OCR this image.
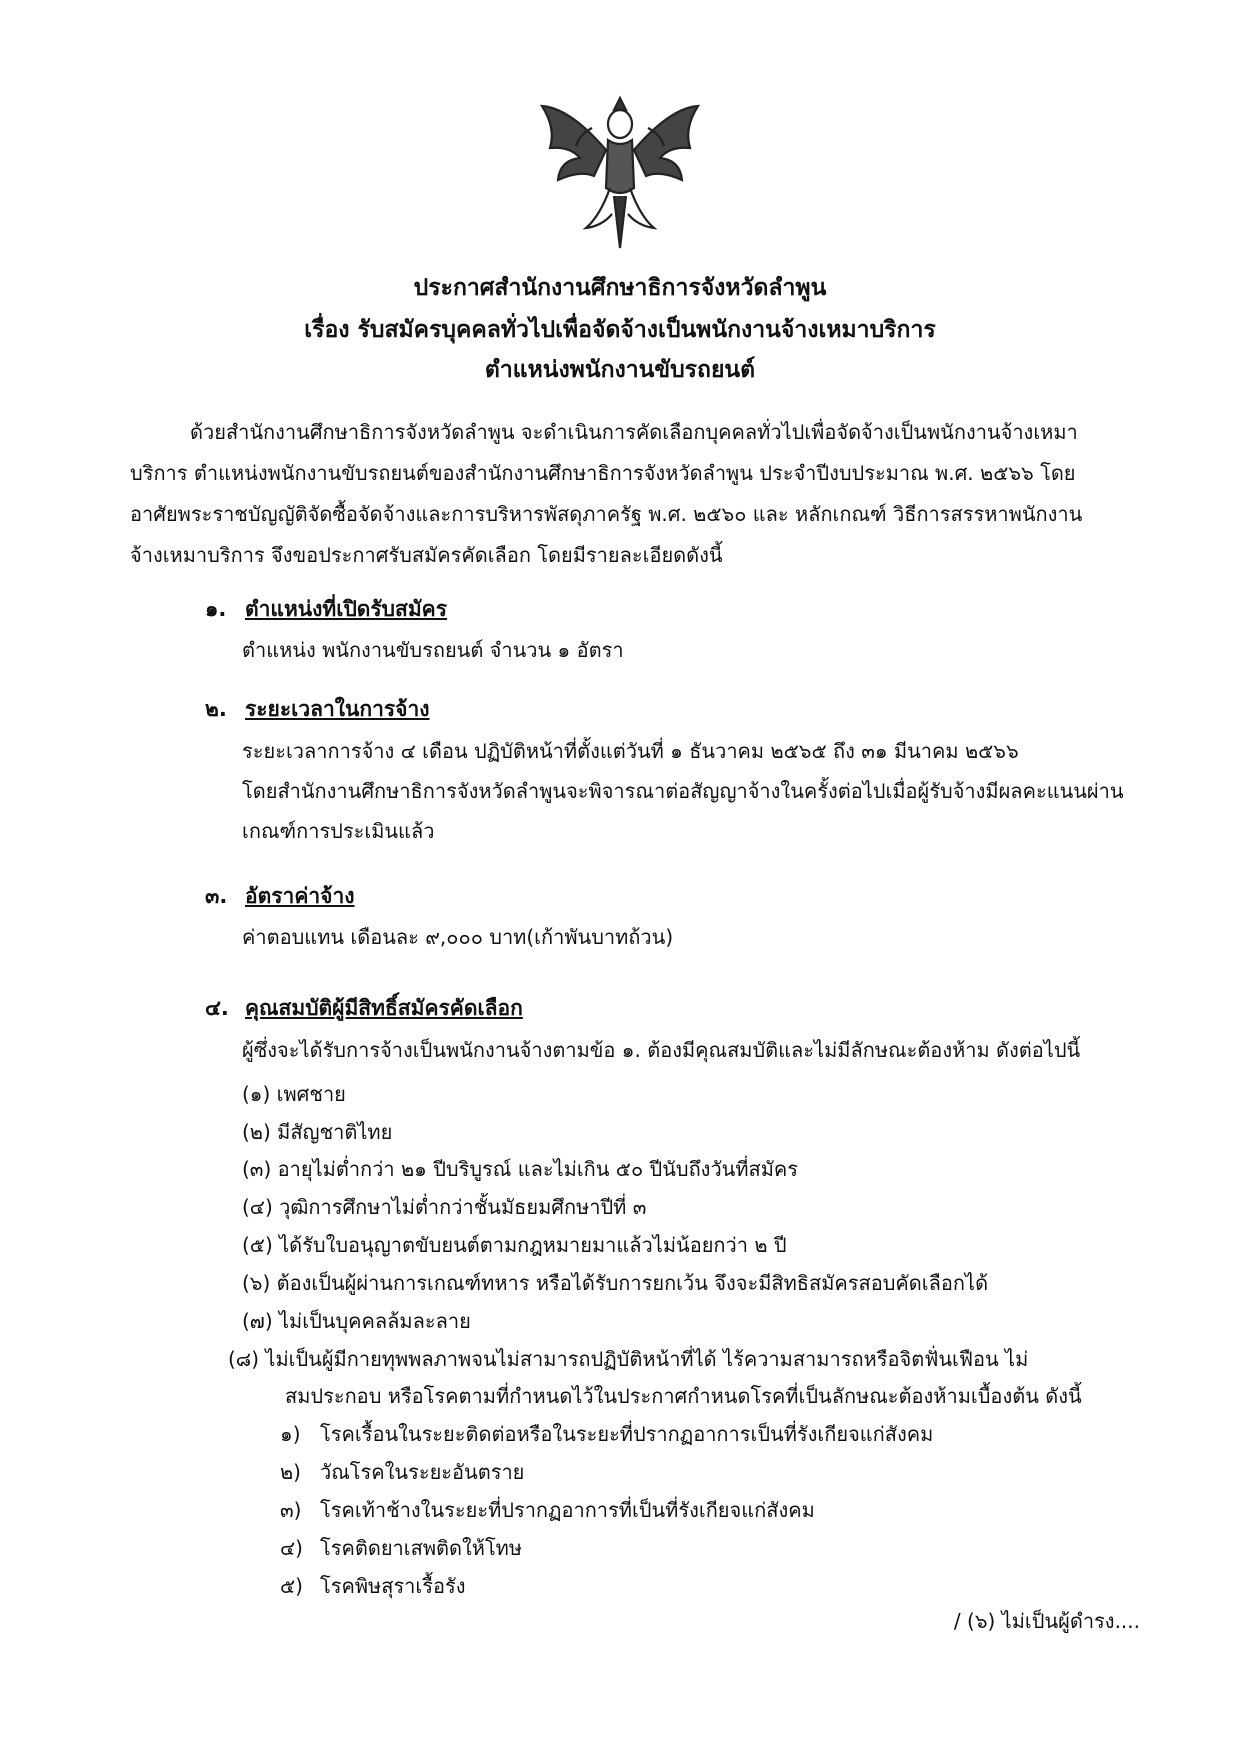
ประกาศสำนักงานศึกษาธิการจังหวัดลำพูน
เรื่อง รับสมัครบุคคลทั่วไปเพื่อจัดจ้างเป็นพนักงานจ้างเหมาบริการ
ตำแหน่งพนักงานขับรถยนต์
ด้วยสำนักงานศึกษาธิการจังหวัดลำพูน จะดำเนินการคัดเลือกบุคคลทั่วไปเพื่อจัดจ้างเป็นพนักงานจ้างเหมา
บริการ ตำแหน่งพนักงานขับรถยนต์ของสำนักงานศึกษาธิการจังหวัดลำพูน ประจำปีงบประมาณ พ.ศ. ๒๕๖๖ โดย
อาศัยพระราชบัญญัติจัดซื้อจัดจ้างและการบริหารพัสดุภาครัฐ พ.ศ. ๒๕๖๐ และ หลักเกณฑ์ วิธีการสรรหาพนักงาน
จ้างเหมาบริการ จึงขอประกาศรับสมัครคัดเลือก โดยมีรายละเอียดดังนี้
๑. ตำแหน่งที่เปิดรับสมัคร
ตำแหน่ง พนักงานขับรถยนต์ จำนวน ๑ อัตรา
๒. ระยะเวลาในการจ้าง
ระยะเวลาการจ้าง ๔ เดือน ปฏิบัติหน้าที่ตั้งแต่วันที่ ๑ ธันวาคม ๒๕๖๕ ถึง ๓๑ มีนาคม ๒๕๖๖
โดยสำนักงานศึกษาธิการจังหวัดลำพูนจะพิจารณาต่อสัญญาจ้างในครั้งต่อไปเมื่อผู้รับจ้างมีผลคะแนนผ่าน
เกณฑ์การประเมินแล้ว
๓. อัตราค่าจ้าง
ค่าตอบแทน เดือนละ ๙,๐๐๐ บาท(เก้าพันบาทถ้วน)
๔. คุณสมบัติผู้มีสิทธิ์สมัครคัดเลือก
ผู้ซึ่งจะได้รับการจ้างเป็นพนักงานจ้างตามข้อ ๑. ต้องมีคุณสมบัติและไม่มีลักษณะต้องห้าม ดังต่อไปนี้
(๑) เพศชาย
(๒) มีสัญชาติไทย
(๓) อายุไม่ต่ำกว่า ๒๑ ปีบริบูรณ์ และไม่เกิน ๕๐ ปีนับถึงวันที่สมัคร
(๔) วุฒิการศึกษาไม่ต่ำกว่าชั้นมัธยมศึกษาปีที่ ๓
(๕) ได้รับใบอนุญาตขับยนต์ตามกฎหมายมาแล้วไม่น้อยกว่า ๒ ปี
(๖) ต้องเป็นผู้ผ่านการเกณฑ์ทหาร หรือได้รับการยกเว้น จึงจะมีสิทธิสมัครสอบคัดเลือกได้
(๗) ไม่เป็นบุคคลล้มละลาย
(๘) ไม่เป็นผู้มีกายทุพพลภาพจนไม่สามารถปฏิบัติหน้าที่ได้ ไร้ความสามารถหรือจิตฟั่นเฟือน ไม่
สมประกอบ หรือโรคตามที่กำหนดไว้ในประกาศกำหนดโรคที่เป็นลักษณะต้องห้ามเบื้องต้น ดังนี้
๑) โรคเรื้อนในระยะติดต่อหรือในระยะที่ปรากฏอาการเป็นที่รังเกียจแก่สังคม
๒) วัณโรคในระยะอันตราย
๓) โรคเท้าช้างในระยะที่ปรากฏอาการที่เป็นที่รังเกียจแก่สังคม
๔) โรคติดยาเสพติดให้โทษ
๕) โรคพิษสุราเรื้อรัง
/ (๖) ไม่เป็นผู้ดำรง....
